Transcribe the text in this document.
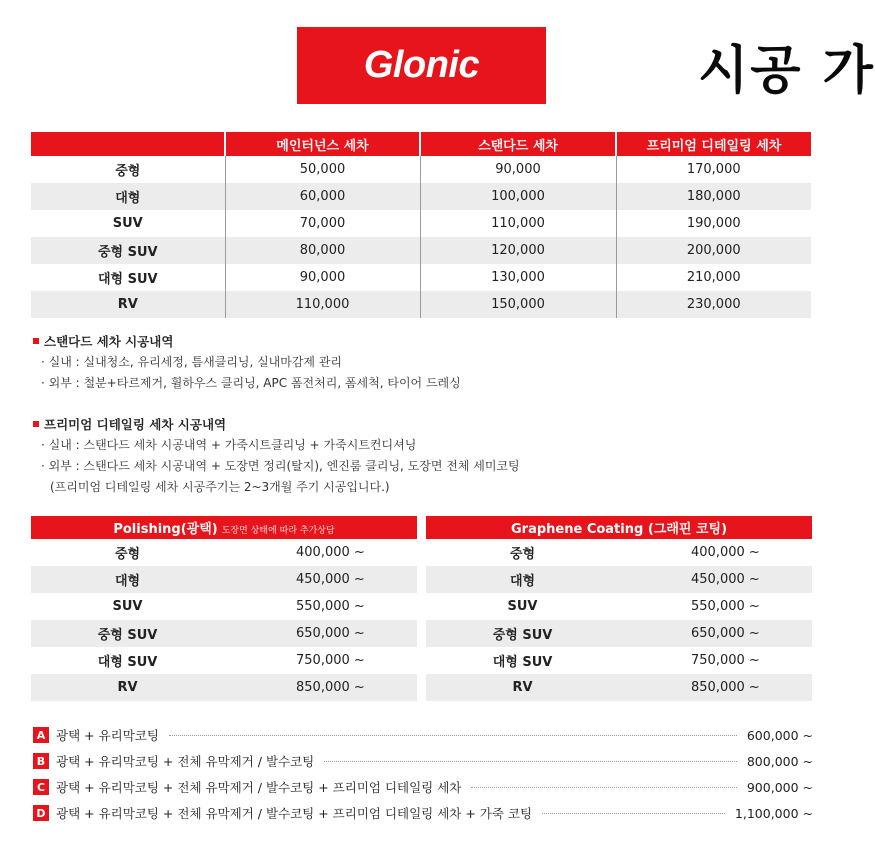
Glonic	시공 가
	메인터넌스 세차	스탠다드 세차	프리미엄 디테일링 세차
중형	50,000	90,000	170,000
대형	60,000	100,000	180,000
SUV	70,000	110,000	190,000
중형 SUV	80,000	120,000	200,000
대형 SUV	90,000	130,000	210,000
RV	110,000	150,000	230,000
스탠다드 세차 시공내역
· 실내 : 실내청소, 유리세정, 틈새클리닝, 실내마감제 관리
· 외부 : 철분+타르제거, 휠하우스 클리닝, APC 폼전처리, 폼세척, 타이어 드레싱
프리미엄 디테일링 세차 시공내역
· 실내 : 스탠다드 세차 시공내역 + 가죽시트클리닝 + 가죽시트컨디셔닝
· 외부 : 스탠다드 세차 시공내역 + 도장면 정리(탈지), 엔진룸 클리닝, 도장면 전체 세미코팅
(프리미엄 디테일링 세차 시공주기는 2~3개월 주기 시공입니다.)
Polishing(광택) 도장면 상태에 따라 추가상담	
중형	400,000 ~
대형	450,000 ~
SUV	550,000 ~
중형 SUV	650,000 ~
대형 SUV	750,000 ~
RV	850,000 ~
Graphene Coating (그래핀 코팅)	
중형	400,000 ~
대형	450,000 ~
SUV	550,000 ~
중형 SUV	650,000 ~
대형 SUV	750,000 ~
RV	850,000 ~
A 광택 + 유리막코팅	600,000 ~
B 광택 + 유리막코팅 + 전체 유막제거 / 발수코팅	800,000 ~
C 광택 + 유리막코팅 + 전체 유막제거 / 발수코팅 + 프리미엄 디테일링 세차	900,000 ~
D 광택 + 유리막코팅 + 전체 유막제거 / 발수코팅 + 프리미엄 디테일링 세차 + 가죽 코팅	1,100,000 ~
